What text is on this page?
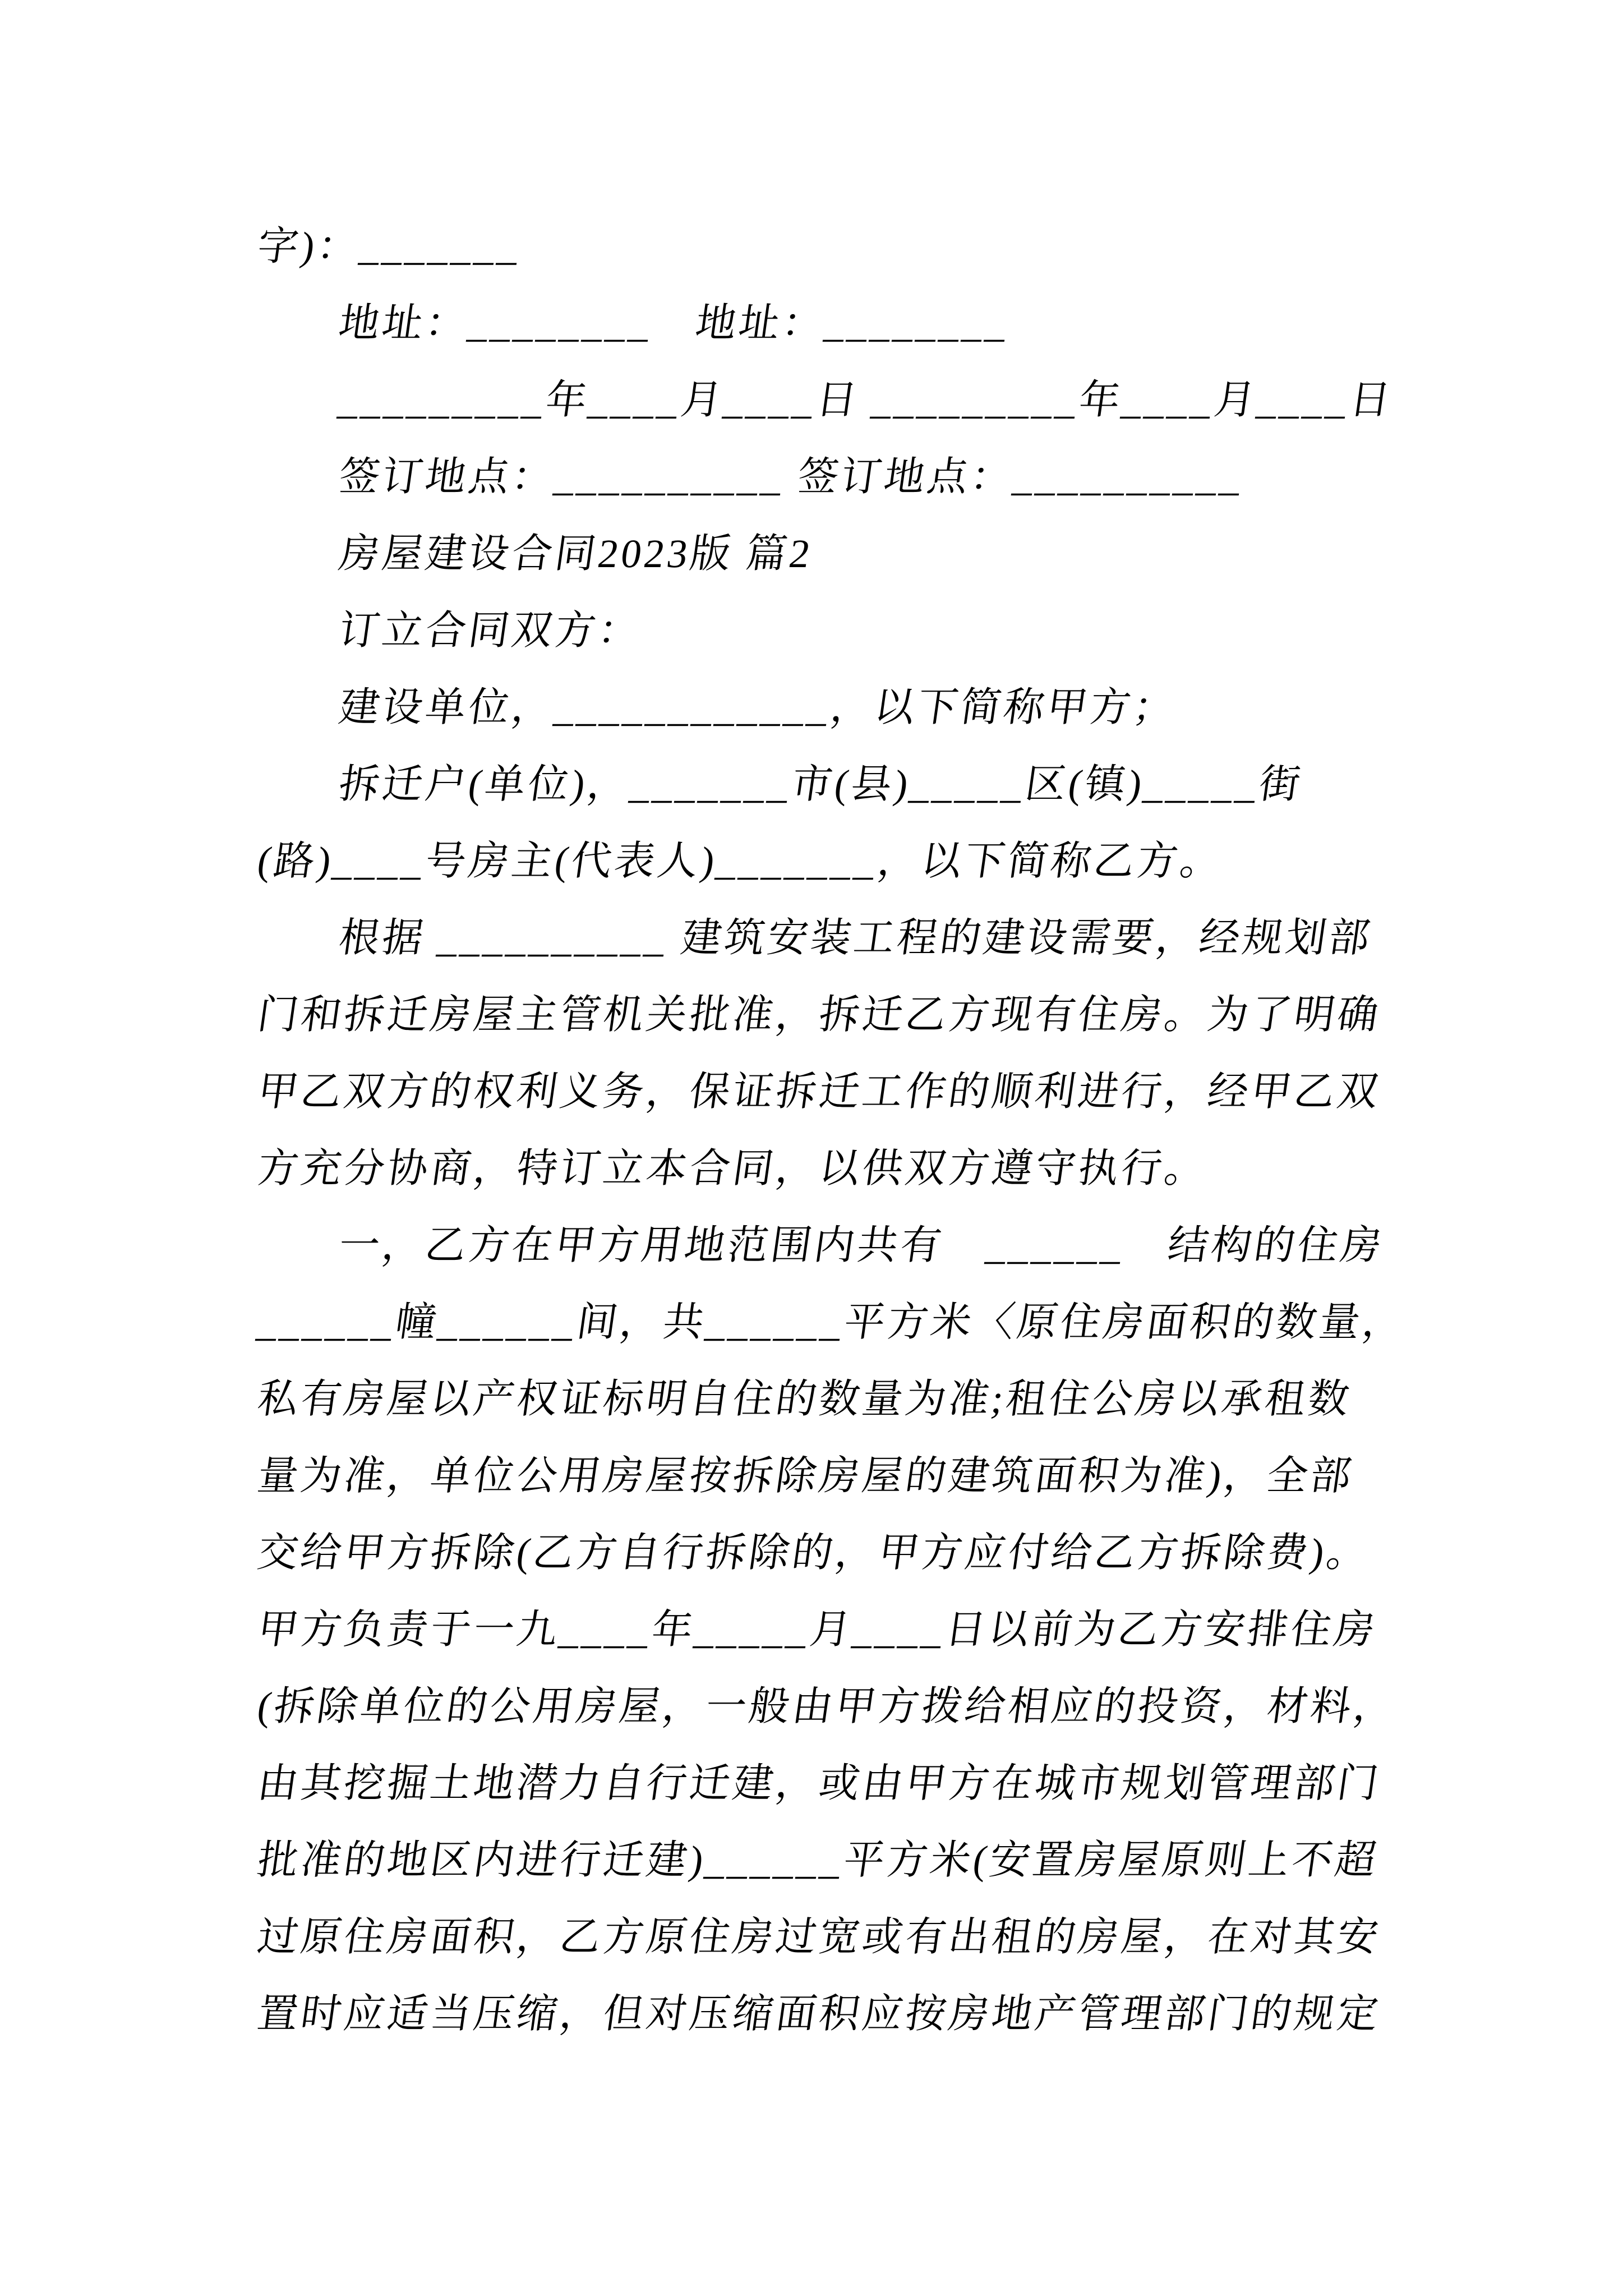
字)：_______
地址：________　地址：________
_________年____月____日 _________年____月____日
签订地点：__________ 签订地点：__________
房屋建设合同2023版 篇2
订立合同双方：
建设单位，____________，以下简称甲方；
拆迁户(单位)，_______市(县)_____区(镇)_____街
(路)____号房主(代表人)_______，以下简称乙方。
根据 __________ 建筑安装工程的建设需要，经规划部
门和拆迁房屋主管机关批准，拆迁乙方现有住房。为了明确
甲乙双方的权利义务，保证拆迁工作的顺利进行，经甲乙双
方充分协商，特订立本合同，以供双方遵守执行。
一，乙方在甲方用地范围内共有　______　结构的住房
______幢______间，共______平方米〈原住房面积的数量，
私有房屋以产权证标明自住的数量为准;租住公房以承租数
量为准，单位公用房屋按拆除房屋的建筑面积为准)，全部
交给甲方拆除(乙方自行拆除的，甲方应付给乙方拆除费)。
甲方负责于一九____年_____月____日以前为乙方安排住房
(拆除单位的公用房屋，一般由甲方拨给相应的投资，材料，
由其挖掘土地潜力自行迁建，或由甲方在城市规划管理部门
批准的地区内进行迁建)______平方米(安置房屋原则上不超
过原住房面积，乙方原住房过宽或有出租的房屋，在对其安
置时应适当压缩，但对压缩面积应按房地产管理部门的规定
